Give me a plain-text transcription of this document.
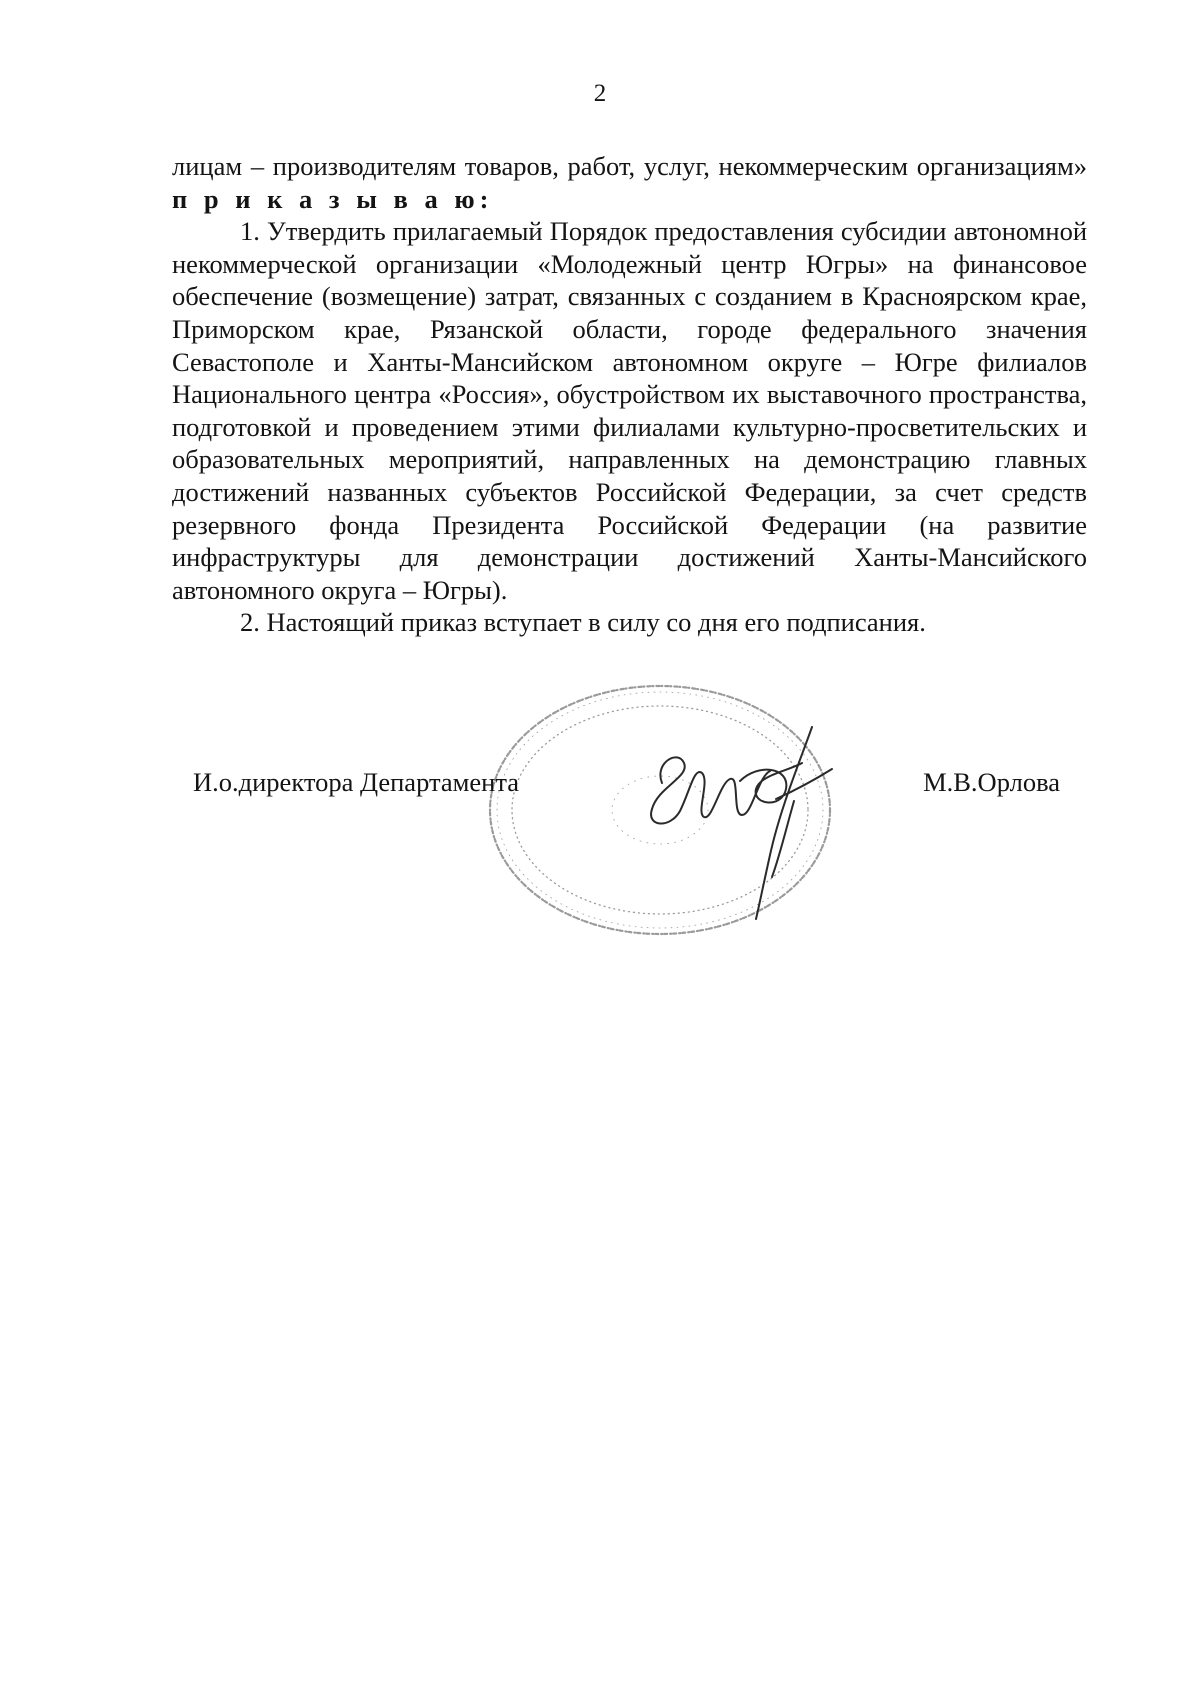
2

лицам – производителям товаров, работ, услуг, некоммерческим организациям» п р и к а з ы в а ю:

1. Утвердить прилагаемый Порядок предоставления субсидии автономной некоммерческой организации «Молодежный центр Югры» на финансовое обеспечение (возмещение) затрат, связанных с созданием в Красноярском крае, Приморском крае, Рязанской области, городе федерального значения Севастополе и Ханты-Мансийском автономном округе – Югре филиалов Национального центра «Россия», обустройством их выставочного пространства, подготовкой и проведением этими филиалами культурно-просветительских и образовательных мероприятий, направленных на демонстрацию главных достижений названных субъектов Российской Федерации, за счет средств резервного фонда Президента Российской Федерации (на развитие инфраструктуры для демонстрации достижений Ханты-Мансийского автономного округа – Югры).

2. Настоящий приказ вступает в силу со дня его подписания.

И.о.директора Департамента	М.В.Орлова
